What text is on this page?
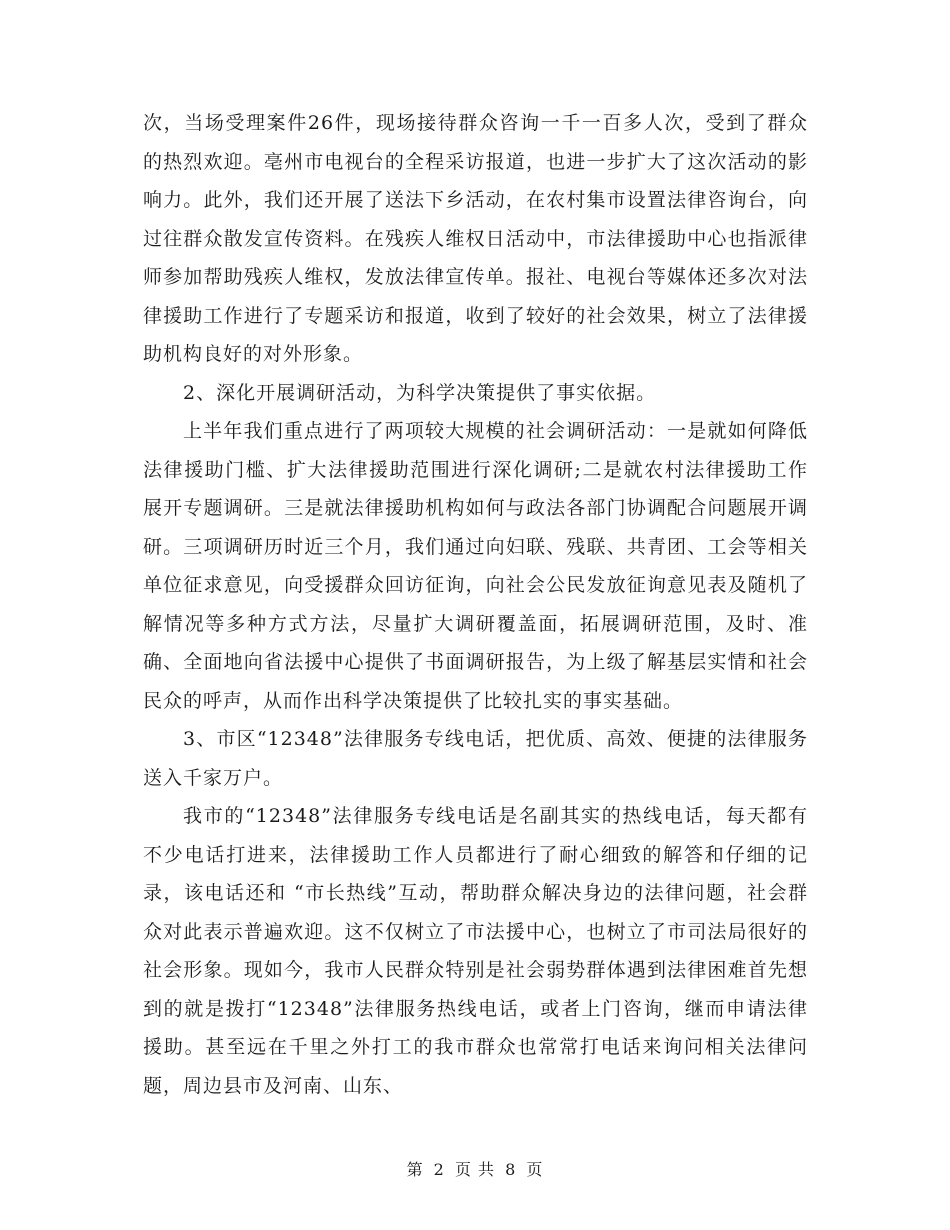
次，当场受理案件26件，现场接待群众咨询一千一百多人次，受到了群众的热烈欢迎。亳州市电视台的全程采访报道，也进一步扩大了这次活动的影响力。此外，我们还开展了送法下乡活动，在农村集市设置法律咨询台，向过往群众散发宣传资料。在残疾人维权日活动中，市法律援助中心也指派律师参加帮助残疾人维权，发放法律宣传单。报社、电视台等媒体还多次对法律援助工作进行了专题采访和报道，收到了较好的社会效果，树立了法律援助机构良好的对外形象。

2、深化开展调研活动，为科学决策提供了事实依据。

上半年我们重点进行了两项较大规模的社会调研活动：一是就如何降低法律援助门槛、扩大法律援助范围进行深化调研;二是就农村法律援助工作展开专题调研。三是就法律援助机构如何与政法各部门协调配合问题展开调研。三项调研历时近三个月，我们通过向妇联、残联、共青团、工会等相关单位征求意见，向受援群众回访征询，向社会公民发放征询意见表及随机了解情况等多种方式方法，尽量扩大调研覆盖面，拓展调研范围，及时、准确、全面地向省法援中心提供了书面调研报告，为上级了解基层实情和社会民众的呼声，从而作出科学决策提供了比较扎实的事实基础。

3、市区“12348”法律服务专线电话，把优质、高效、便捷的法律服务送入千家万户。

我市的“12348”法律服务专线电话是名副其实的热线电话，每天都有不少电话打进来，法律援助工作人员都进行了耐心细致的解答和仔细的记录，该电话还和 “市长热线”互动，帮助群众解决身边的法律问题，社会群众对此表示普遍欢迎。这不仅树立了市法援中心，也树立了市司法局很好的社会形象。现如今，我市人民群众特别是社会弱势群体遇到法律困难首先想到的就是拨打“12348”法律服务热线电话，或者上门咨询，继而申请法律援助。甚至远在千里之外打工的我市群众也常常打电话来询问相关法律问题，周边县市及河南、山东、

第 2 页 共 8 页
